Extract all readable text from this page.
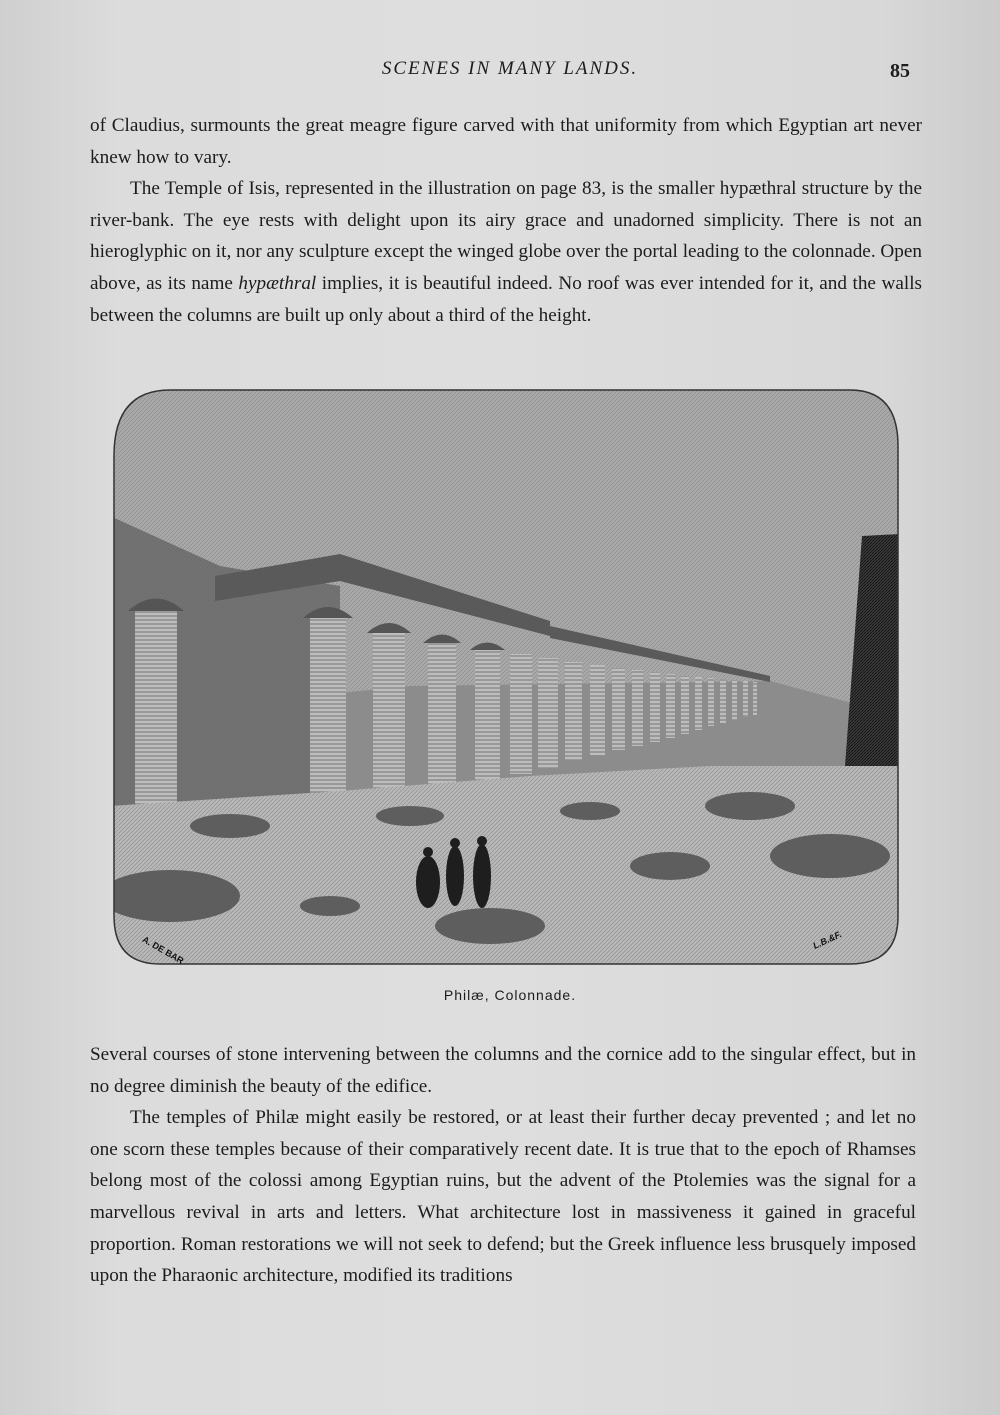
SCENES IN MANY LANDS.	85

of Claudius, surmounts the great meagre figure carved with that uniformity from which Egyptian art never knew how to vary.

The Temple of Isis, represented in the illustration on page 83, is the smaller hypæthral structure by the river-bank. The eye rests with delight upon its airy grace and unadorned simplicity. There is not an hieroglyphic on it, nor any sculpture except the winged globe over the portal leading to the colonnade. Open above, as its name hypæthral implies, it is beautiful indeed. No roof was ever intended for it, and the walls between the columns are built up only about a third of the height.

A. DE BAR	L.B.&F.
Philæ, Colonnade.

Several courses of stone intervening between the columns and the cornice add to the singular effect, but in no degree diminish the beauty of the edifice.

The temples of Philæ might easily be restored, or at least their further decay prevented ; and let no one scorn these temples because of their comparatively recent date. It is true that to the epoch of Rhamses belong most of the colossi among Egyptian ruins, but the advent of the Ptolemies was the signal for a marvellous revival in arts and letters. What architecture lost in massiveness it gained in graceful proportion. Roman restorations we will not seek to defend; but the Greek influence less brusquely imposed upon the Pharaonic architecture, modified its traditions
